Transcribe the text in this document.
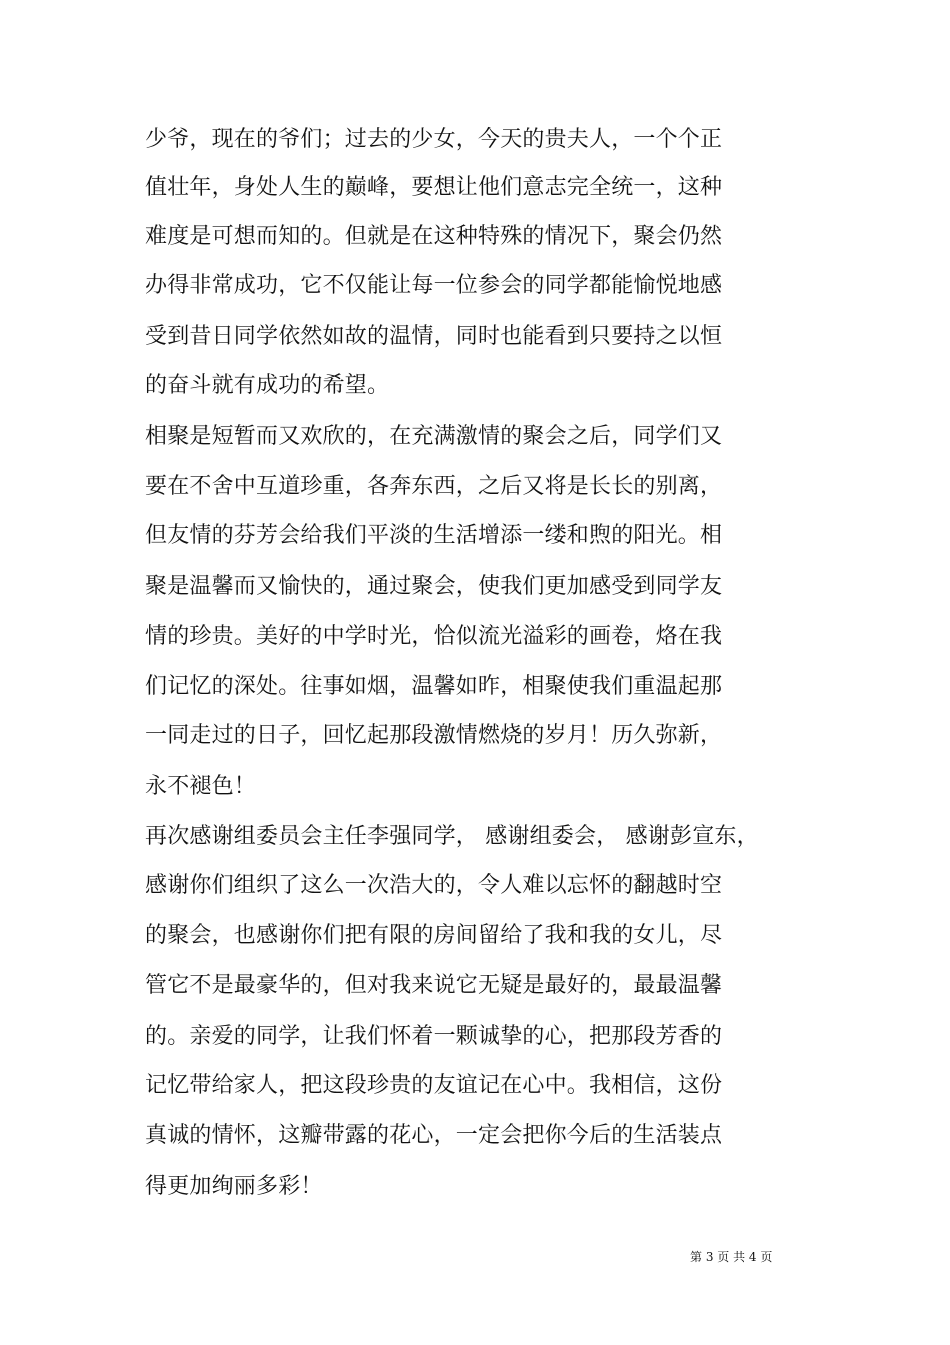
少爷，现在的爷们；过去的少女，今天的贵夫人，一个个正
值壮年，身处人生的巅峰，要想让他们意志完全统一，这种
难度是可想而知的。但就是在这种特殊的情况下，聚会仍然
办得非常成功，它不仅能让每一位参会的同学都能愉悦地感
受到昔日同学依然如故的温情，同时也能看到只要持之以恒
的奋斗就有成功的希望。
相聚是短暂而又欢欣的，在充满激情的聚会之后，同学们又
要在不舍中互道珍重，各奔东西，之后又将是长长的别离，
但友情的芬芳会给我们平淡的生活增添一缕和煦的阳光。相
聚是温馨而又愉快的，通过聚会，使我们更加感受到同学友
情的珍贵。美好的中学时光，恰似流光溢彩的画卷，烙在我
们记忆的深处。往事如烟，温馨如昨，相聚使我们重温起那
一同走过的日子，回忆起那段激情燃烧的岁月！历久弥新，
永不褪色！
再次感谢组委员会主任李强同学， 感谢组委会， 感谢彭宣东，
感谢你们组织了这么一次浩大的，令人难以忘怀的翻越时空
的聚会，也感谢你们把有限的房间留给了我和我的女儿，尽
管它不是最豪华的，但对我来说它无疑是最好的，最最温馨
的。亲爱的同学，让我们怀着一颗诚挚的心，把那段芳香的
记忆带给家人，把这段珍贵的友谊记在心中。我相信，这份
真诚的情怀，这瓣带露的花心，一定会把你今后的生活装点
得更加绚丽多彩！
第 3 页 共 4 页
